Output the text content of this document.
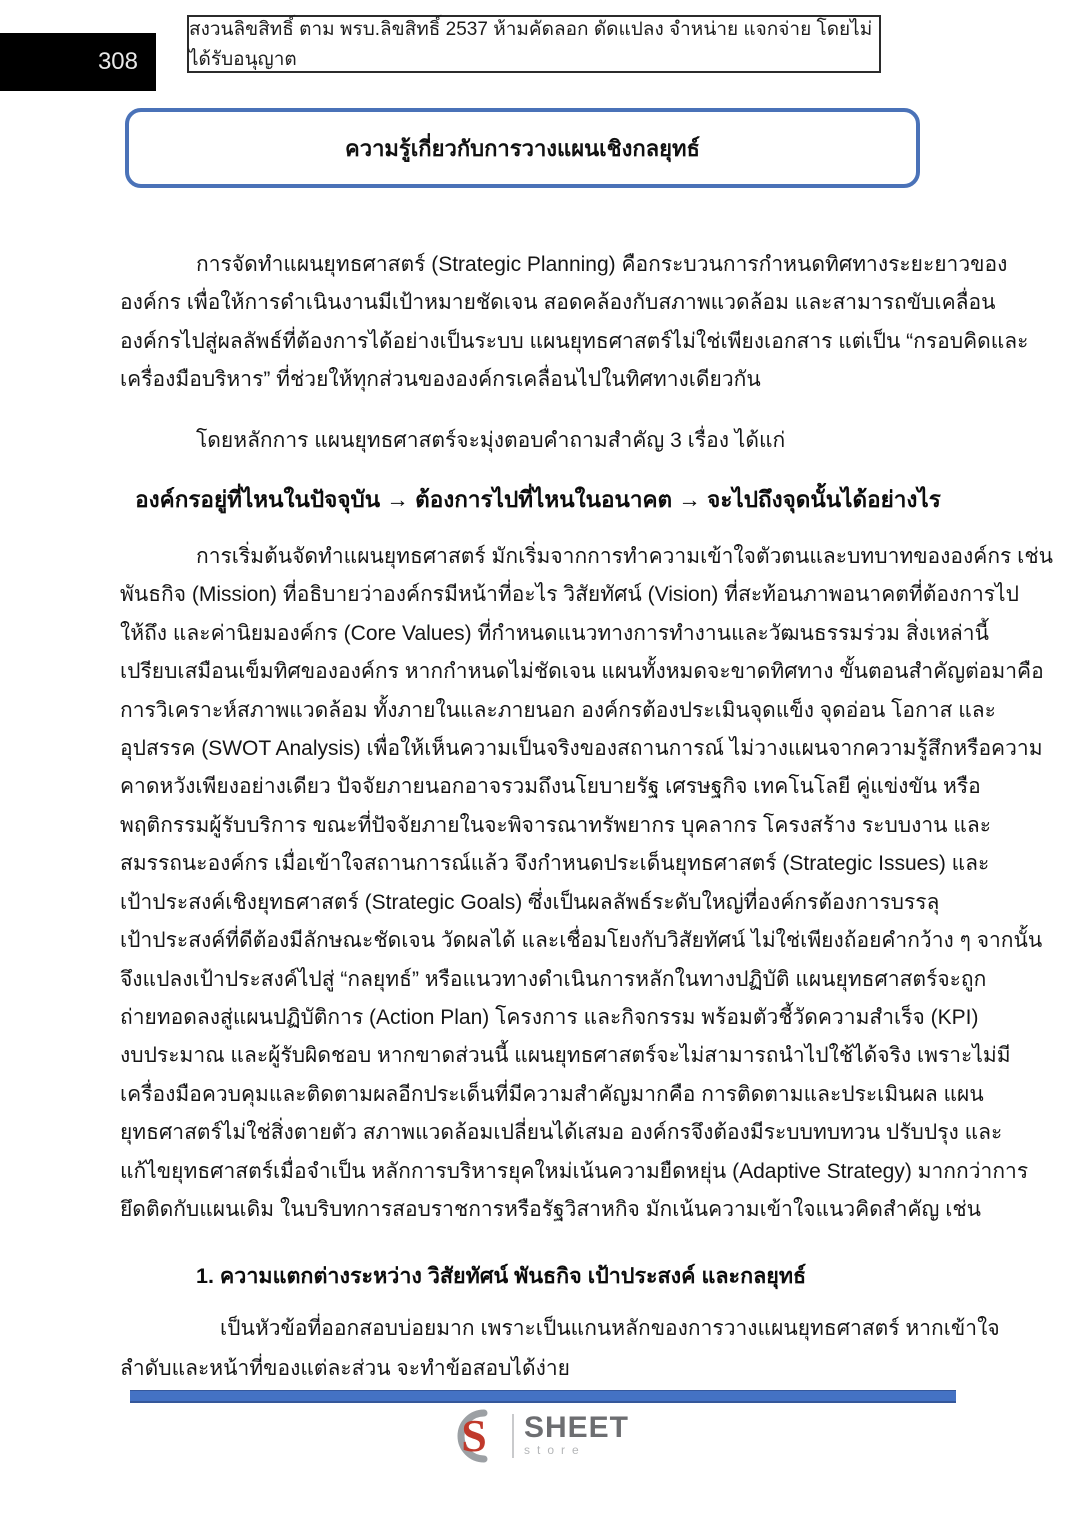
308
สงวนลิขสิทธิ์ ตาม พรบ.ลิขสิทธิ์ 2537 ห้ามคัดลอก ดัดแปลง จำหน่าย แจกจ่าย โดยไม่ได้รับอนุญาต
ความรู้เกี่ยวกับการวางแผนเชิงกลยุทธ์
การจัดทำแผนยุทธศาสตร์ (Strategic Planning) คือกระบวนการกำหนดทิศทางระยะยาวของ
องค์กร เพื่อให้การดำเนินงานมีเป้าหมายชัดเจน สอดคล้องกับสภาพแวดล้อม และสามารถขับเคลื่อน
องค์กรไปสู่ผลลัพธ์ที่ต้องการได้อย่างเป็นระบบ แผนยุทธศาสตร์ไม่ใช่เพียงเอกสาร แต่เป็น “กรอบคิดและ
เครื่องมือบริหาร” ที่ช่วยให้ทุกส่วนขององค์กรเคลื่อนไปในทิศทางเดียวกัน
โดยหลักการ แผนยุทธศาสตร์จะมุ่งตอบคำถามสำคัญ 3 เรื่อง ได้แก่
องค์กรอยู่ที่ไหนในปัจจุบัน → ต้องการไปที่ไหนในอนาคต → จะไปถึงจุดนั้นได้อย่างไร
การเริ่มต้นจัดทำแผนยุทธศาสตร์ มักเริ่มจากการทำความเข้าใจตัวตนและบทบาทขององค์กร เช่น
พันธกิจ (Mission) ที่อธิบายว่าองค์กรมีหน้าที่อะไร วิสัยทัศน์ (Vision) ที่สะท้อนภาพอนาคตที่ต้องการไป
ให้ถึง และค่านิยมองค์กร (Core Values) ที่กำหนดแนวทางการทำงานและวัฒนธรรมร่วม สิ่งเหล่านี้
เปรียบเสมือนเข็มทิศขององค์กร หากกำหนดไม่ชัดเจน แผนทั้งหมดจะขาดทิศทาง ขั้นตอนสำคัญต่อมาคือ
การวิเคราะห์สภาพแวดล้อม ทั้งภายในและภายนอก องค์กรต้องประเมินจุดแข็ง จุดอ่อน โอกาส และ
อุปสรรค (SWOT Analysis) เพื่อให้เห็นความเป็นจริงของสถานการณ์ ไม่วางแผนจากความรู้สึกหรือความ
คาดหวังเพียงอย่างเดียว ปัจจัยภายนอกอาจรวมถึงนโยบายรัฐ เศรษฐกิจ เทคโนโลยี คู่แข่งขัน หรือ
พฤติกรรมผู้รับบริการ ขณะที่ปัจจัยภายในจะพิจารณาทรัพยากร บุคลากร โครงสร้าง ระบบงาน และ
สมรรถนะองค์กร เมื่อเข้าใจสถานการณ์แล้ว จึงกำหนดประเด็นยุทธศาสตร์ (Strategic Issues) และ
เป้าประสงค์เชิงยุทธศาสตร์ (Strategic Goals) ซึ่งเป็นผลลัพธ์ระดับใหญ่ที่องค์กรต้องการบรรลุ
เป้าประสงค์ที่ดีต้องมีลักษณะชัดเจน วัดผลได้ และเชื่อมโยงกับวิสัยทัศน์ ไม่ใช่เพียงถ้อยคำกว้าง ๆ จากนั้น
จึงแปลงเป้าประสงค์ไปสู่ “กลยุทธ์” หรือแนวทางดำเนินการหลักในทางปฏิบัติ แผนยุทธศาสตร์จะถูก
ถ่ายทอดลงสู่แผนปฏิบัติการ (Action Plan) โครงการ และกิจกรรม พร้อมตัวชี้วัดความสำเร็จ (KPI)
งบประมาณ และผู้รับผิดชอบ หากขาดส่วนนี้ แผนยุทธศาสตร์จะไม่สามารถนำไปใช้ได้จริง เพราะไม่มี
เครื่องมือควบคุมและติดตามผลอีกประเด็นที่มีความสำคัญมากคือ การติดตามและประเมินผล แผน
ยุทธศาสตร์ไม่ใช่สิ่งตายตัว สภาพแวดล้อมเปลี่ยนได้เสมอ องค์กรจึงต้องมีระบบทบทวน ปรับปรุง และ
แก้ไขยุทธศาสตร์เมื่อจำเป็น หลักการบริหารยุคใหม่เน้นความยืดหยุ่น (Adaptive Strategy) มากกว่าการ
ยึดติดกับแผนเดิม ในบริบทการสอบราชการหรือรัฐวิสาหกิจ มักเน้นความเข้าใจแนวคิดสำคัญ เช่น
1. ความแตกต่างระหว่าง วิสัยทัศน์ พันธกิจ เป้าประสงค์ และกลยุทธ์
เป็นหัวข้อที่ออกสอบบ่อยมาก เพราะเป็นแกนหลักของการวางแผนยุทธศาสตร์ หากเข้าใจ
ลำดับและหน้าที่ของแต่ละส่วน จะทำข้อสอบได้ง่าย
S SHEET
store
